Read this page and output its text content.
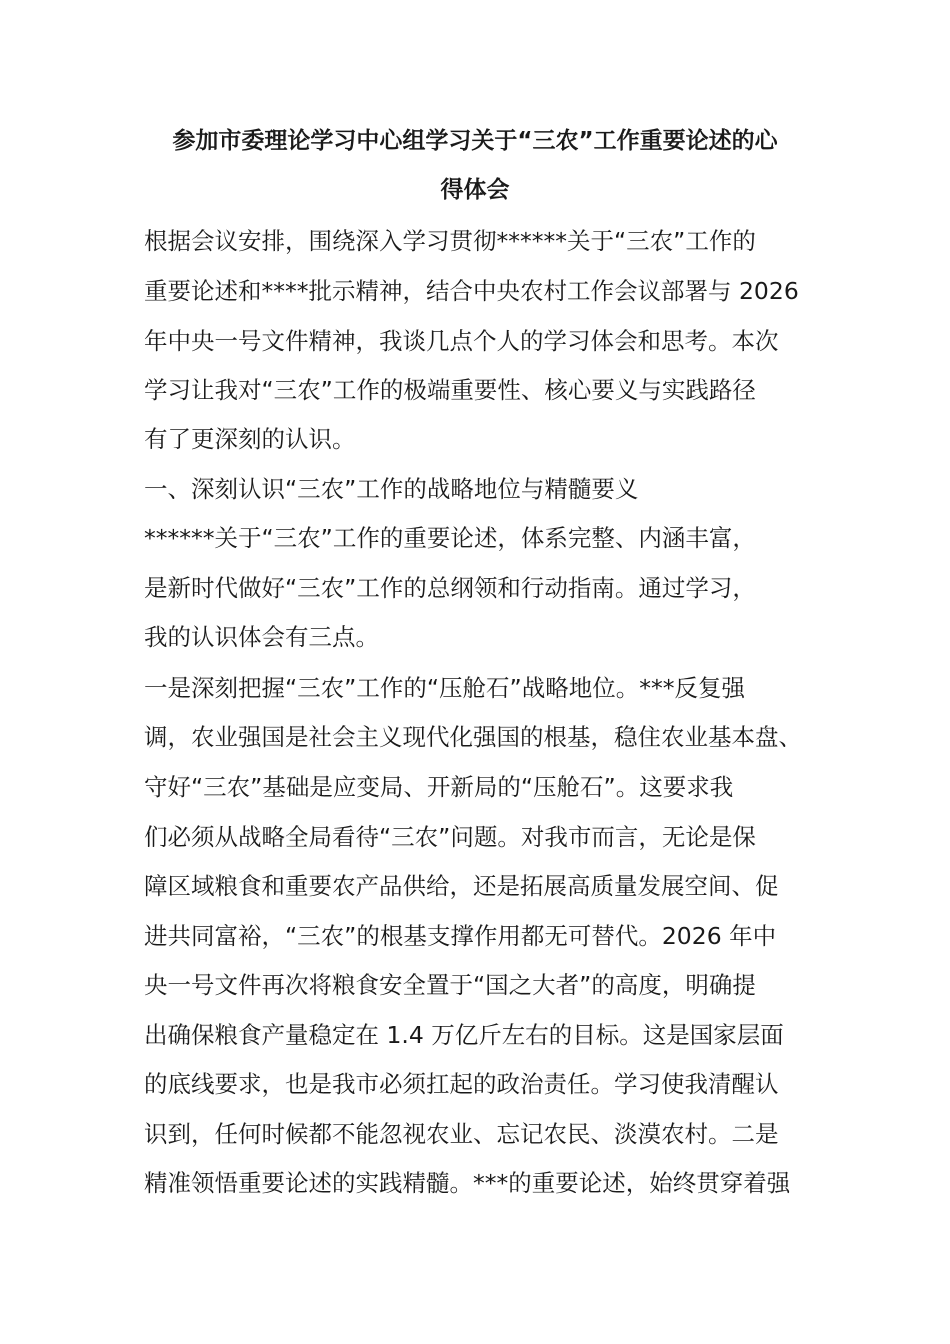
参加市委理论学习中心组学习关于“三农”工作重要论述的心
得体会

根据会议安排，围绕深入学习贯彻******关于“三农”工作的

重要论述和****批示精神，结合中央农村工作会议部署与 2026

年中央一号文件精神，我谈几点个人的学习体会和思考。本次

学习让我对“三农”工作的极端重要性、核心要义与实践路径

有了更深刻的认识。

一、深刻认识“三农”工作的战略地位与精髓要义

******关于“三农”工作的重要论述，体系完整、内涵丰富，

是新时代做好“三农”工作的总纲领和行动指南。通过学习，

我的认识体会有三点。

一是深刻把握“三农”工作的“压舱石”战略地位。***反复强

调，农业强国是社会主义现代化强国的根基，稳住农业基本盘、

守好“三农”基础是应变局、开新局的“压舱石”。这要求我

们必须从战略全局看待“三农”问题。对我市而言，无论是保

障区域粮食和重要农产品供给，还是拓展高质量发展空间、促

进共同富裕，“三农”的根基支撑作用都无可替代。2026 年中

央一号文件再次将粮食安全置于“国之大者”的高度，明确提

出确保粮食产量稳定在 1.4 万亿斤左右的目标。这是国家层面

的底线要求，也是我市必须扛起的政治责任。学习使我清醒认

识到，任何时候都不能忽视农业、忘记农民、淡漠农村。二是

精准领悟重要论述的实践精髓。***的重要论述，始终贯穿着强
